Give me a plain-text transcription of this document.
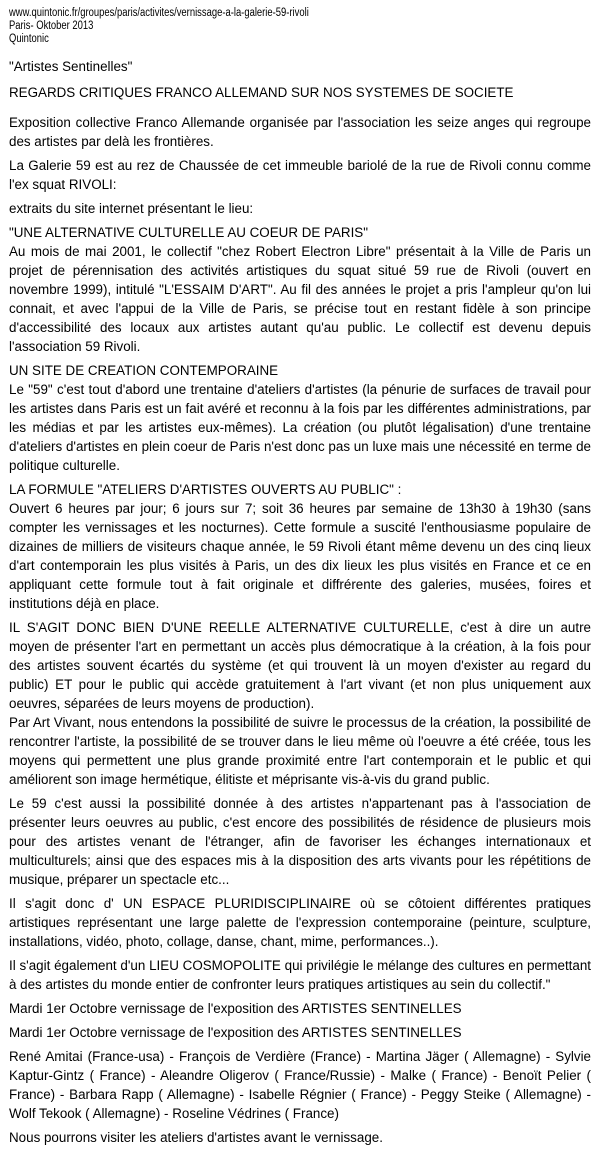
www.quintonic.fr/groupes/paris/activites/vernissage-a-la-galerie-59-rivoli
Paris- Oktober 2013
Quintonic

"Artistes Sentinelles"

REGARDS CRITIQUES FRANCO ALLEMAND SUR NOS SYSTEMES DE SOCIETE

Exposition collective Franco Allemande organisée par l'association les seize anges qui regroupe des artistes par delà les frontières.

La Galerie 59 est au rez de Chaussée de cet immeuble bariolé de la rue de Rivoli connu comme l'ex squat RIVOLI:

extraits du site internet présentant le lieu:

"UNE ALTERNATIVE CULTURELLE AU COEUR DE PARIS"
Au mois de mai 2001, le collectif "chez Robert Electron Libre" présentait à la Ville de Paris un projet de pérennisation des activités artistiques du squat situé 59 rue de Rivoli (ouvert en novembre 1999), intitulé "L'ESSAIM D'ART". Au fil des années le projet a pris l'ampleur qu'on lui connait, et avec l'appui de la Ville de Paris, se précise tout en restant fidèle à son principe d'accessibilité des locaux aux artistes autant qu'au public. Le collectif est devenu depuis l'association 59 Rivoli.

UN SITE DE CREATION CONTEMPORAINE
Le "59" c'est tout d'abord une trentaine d'ateliers d'artistes (la pénurie de surfaces de travail pour les artistes dans Paris est un fait avéré et reconnu à la fois par les différentes administrations, par les médias et par les artistes eux-mêmes). La création (ou plutôt légalisation) d'une trentaine d'ateliers d'artistes en plein coeur de Paris n'est donc pas un luxe mais une nécessité en terme de politique culturelle.

LA FORMULE "ATELIERS D'ARTISTES OUVERTS AU PUBLIC" :
Ouvert 6 heures par jour; 6 jours sur 7; soit 36 heures par semaine de 13h30 à 19h30 (sans compter les vernissages et les nocturnes). Cette formule a suscité l'enthousiasme populaire de dizaines de milliers de visiteurs chaque année, le 59 Rivoli étant même devenu un des cinq lieux d'art contemporain les plus visités à Paris, un des dix lieux les plus visités en France et ce en appliquant cette formule tout à fait originale et diffrérente des galeries, musées, foires et institutions déjà en place.

IL S'AGIT DONC BIEN D'UNE REELLE ALTERNATIVE CULTURELLE, c'est à dire un autre moyen de présenter l'art en permettant un accès plus démocratique à la création, à la fois pour des artistes souvent écartés du système (et qui trouvent là un moyen d'exister au regard du public) ET pour le public qui accède gratuitement à l'art vivant (et non plus uniquement aux oeuvres, séparées de leurs moyens de production).
Par Art Vivant, nous entendons la possibilité de suivre le processus de la création, la possibilité de rencontrer l'artiste, la possibilité de se trouver dans le lieu même où l'oeuvre a été créée, tous les moyens qui permettent une plus grande proximité entre l'art contemporain et le public et qui améliorent son image hermétique, élitiste et méprisante vis-à-vis du grand public.

Le 59 c'est aussi la possibilité donnée à des artistes n'appartenant pas à l'association de présenter leurs oeuvres au public, c'est encore des possibilités de résidence de plusieurs mois pour des artistes venant de l'étranger, afin de favoriser les échanges internationaux et multiculturels; ainsi que des espaces mis à la disposition des arts vivants pour les répétitions de musique, préparer un spectacle etc...

Il s'agit donc d' UN ESPACE PLURIDISCIPLINAIRE où se côtoient différentes pratiques artistiques représentant une large palette de l'expression contemporaine (peinture, sculpture, installations, vidéo, photo, collage, danse, chant, mime, performances..).

Il s'agit également d'un LIEU COSMOPOLITE qui privilégie le mélange des cultures en permettant à des artistes du monde entier de confronter leurs pratiques artistiques au sein du collectif."

Mardi 1er Octobre vernissage de l'exposition des ARTISTES SENTINELLES

Mardi 1er Octobre vernissage de l'exposition des ARTISTES SENTINELLES

René Amitai (France-usa) - François de Verdière (France) - Martina Jäger ( Allemagne) - Sylvie Kaptur-Gintz ( France) - Aleandre Oligerov ( France/Russie) - Malke ( France) - Benoït Pelier ( France) - Barbara Rapp ( Allemagne) - Isabelle Régnier ( France) - Peggy Steike ( Allemagne) - Wolf Tekook ( Allemagne) - Roseline Védrines ( France)

Nous pourrons visiter les ateliers d'artistes avant le vernissage.
